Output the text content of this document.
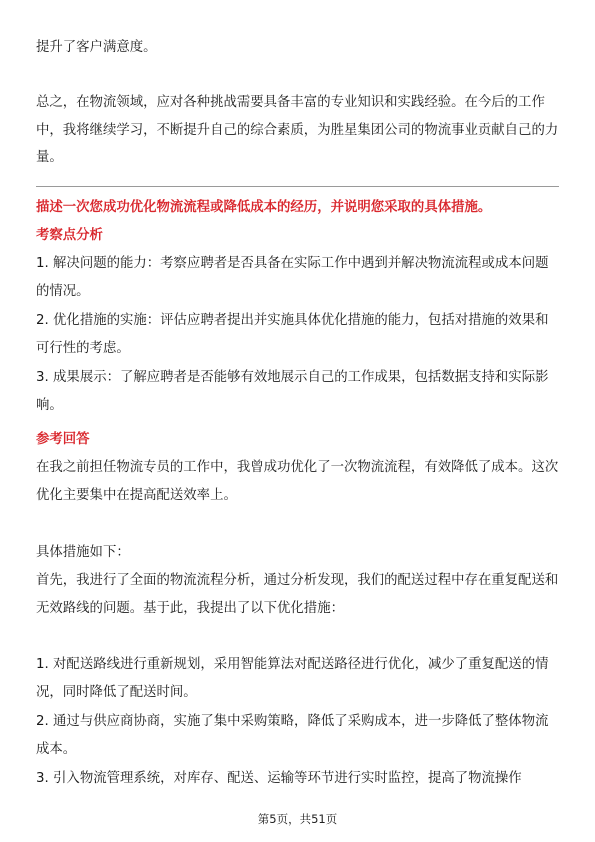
提升了客户满意度。

总之，在物流领域，应对各种挑战需要具备丰富的专业知识和实践经验。在今后的工作中，我将继续学习，不断提升自己的综合素质，为胜星集团公司的物流事业贡献自己的力量。

描述一次您成功优化物流流程或降低成本的经历，并说明您采取的具体措施。

考察点分析

1. 解决问题的能力：考察应聘者是否具备在实际工作中遇到并解决物流流程或成本问题的情况。

2. 优化措施的实施：评估应聘者提出并实施具体优化措施的能力，包括对措施的效果和可行性的考虑。

3. 成果展示：了解应聘者是否能够有效地展示自己的工作成果，包括数据支持和实际影响。

参考回答

在我之前担任物流专员的工作中，我曾成功优化了一次物流流程，有效降低了成本。这次优化主要集中在提高配送效率上。

具体措施如下：

首先，我进行了全面的物流流程分析，通过分析发现，我们的配送过程中存在重复配送和无效路线的问题。基于此，我提出了以下优化措施：

1. 对配送路线进行重新规划，采用智能算法对配送路径进行优化，减少了重复配送的情况，同时降低了配送时间。

2. 通过与供应商协商，实施了集中采购策略，降低了采购成本，进一步降低了整体物流成本。

3. 引入物流管理系统，对库存、配送、运输等环节进行实时监控，提高了物流操作

第5页，共51页
